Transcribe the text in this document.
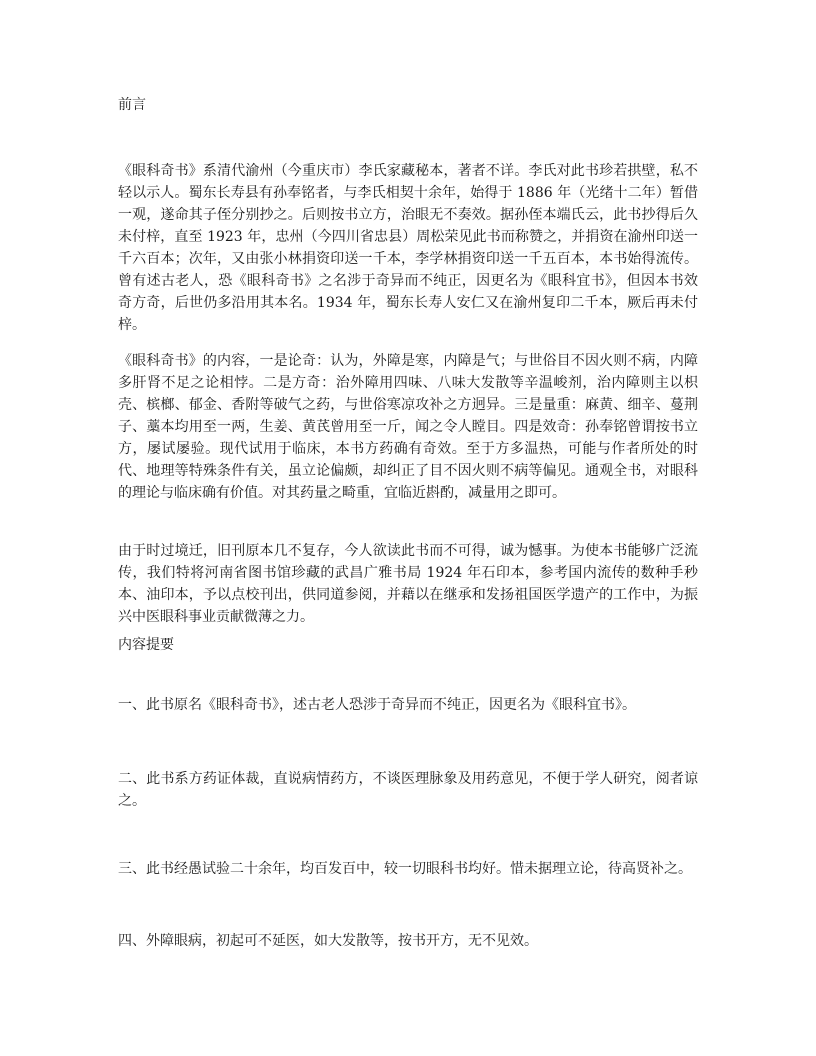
前言

《眼科奇书》系清代渝州（今重庆市）李氏家藏秘本，著者不详。李氏对此书珍若拱壁，私不轻以示人。蜀东长寿县有孙奉铭者，与李氏相契十余年，始得于 1886 年（光绪十二年）暂借一观，遂命其子侄分别抄之。后则按书立方，治眼无不奏效。据孙侄本端氏云，此书抄得后久未付梓，直至 1923 年，忠州（今四川省忠县）周松荣见此书而称赞之，并捐资在渝州印送一千六百本；次年，又由张小林捐资印送一千本，李学林捐资印送一千五百本，本书始得流传。曾有述古老人，恐《眼科奇书》之名涉于奇异而不纯正，因更名为《眼科宜书》，但因本书效奇方奇，后世仍多沿用其本名。1934 年，蜀东长寿人安仁又在渝州复印二千本，厥后再未付梓。

《眼科奇书》的内容，一是论奇：认为，外障是寒，内障是气；与世俗目不因火则不病，内障多肝肾不足之论相悖。二是方奇：治外障用四味、八味大发散等辛温峻剂，治内障则主以枳壳、槟榔、郁金、香附等破气之药，与世俗寒凉攻补之方迥异。三是量重：麻黄、细辛、蔓荆子、藁本均用至一两，生姜、黄芪曾用至一斤，闻之令人瞠目。四是效奇：孙奉铭曾谓按书立方，屡试屡验。现代试用于临床，本书方药确有奇效。至于方多温热，可能与作者所处的时代、地理等特殊条件有关，虽立论偏颇，却纠正了目不因火则不病等偏见。通观全书，对眼科的理论与临床确有价值。对其药量之畸重，宜临近斟酌，减量用之即可。

由于时过境迁，旧刊原本几不复存，今人欲读此书而不可得，诚为憾事。为使本书能够广泛流传，我们特将河南省图书馆珍藏的武昌广雅书局 1924 年石印本，参考国内流传的数种手秒本、油印本，予以点校刊出，供同道参阅，并藉以在继承和发扬祖国医学遗产的工作中，为振兴中医眼科事业贡献微薄之力。

内容提要

一、此书原名《眼科奇书》，述古老人恐涉于奇异而不纯正，因更名为《眼科宜书》。

二、此书系方药证体裁，直说病情药方，不谈医理脉象及用药意见，不便于学人研究，阅者谅之。

三、此书经愚试验二十余年，均百发百中，较一切眼科书均好。惜未据理立论，待高贤补之。

四、外障眼病，初起可不延医，如大发散等，按书开方，无不见效。
